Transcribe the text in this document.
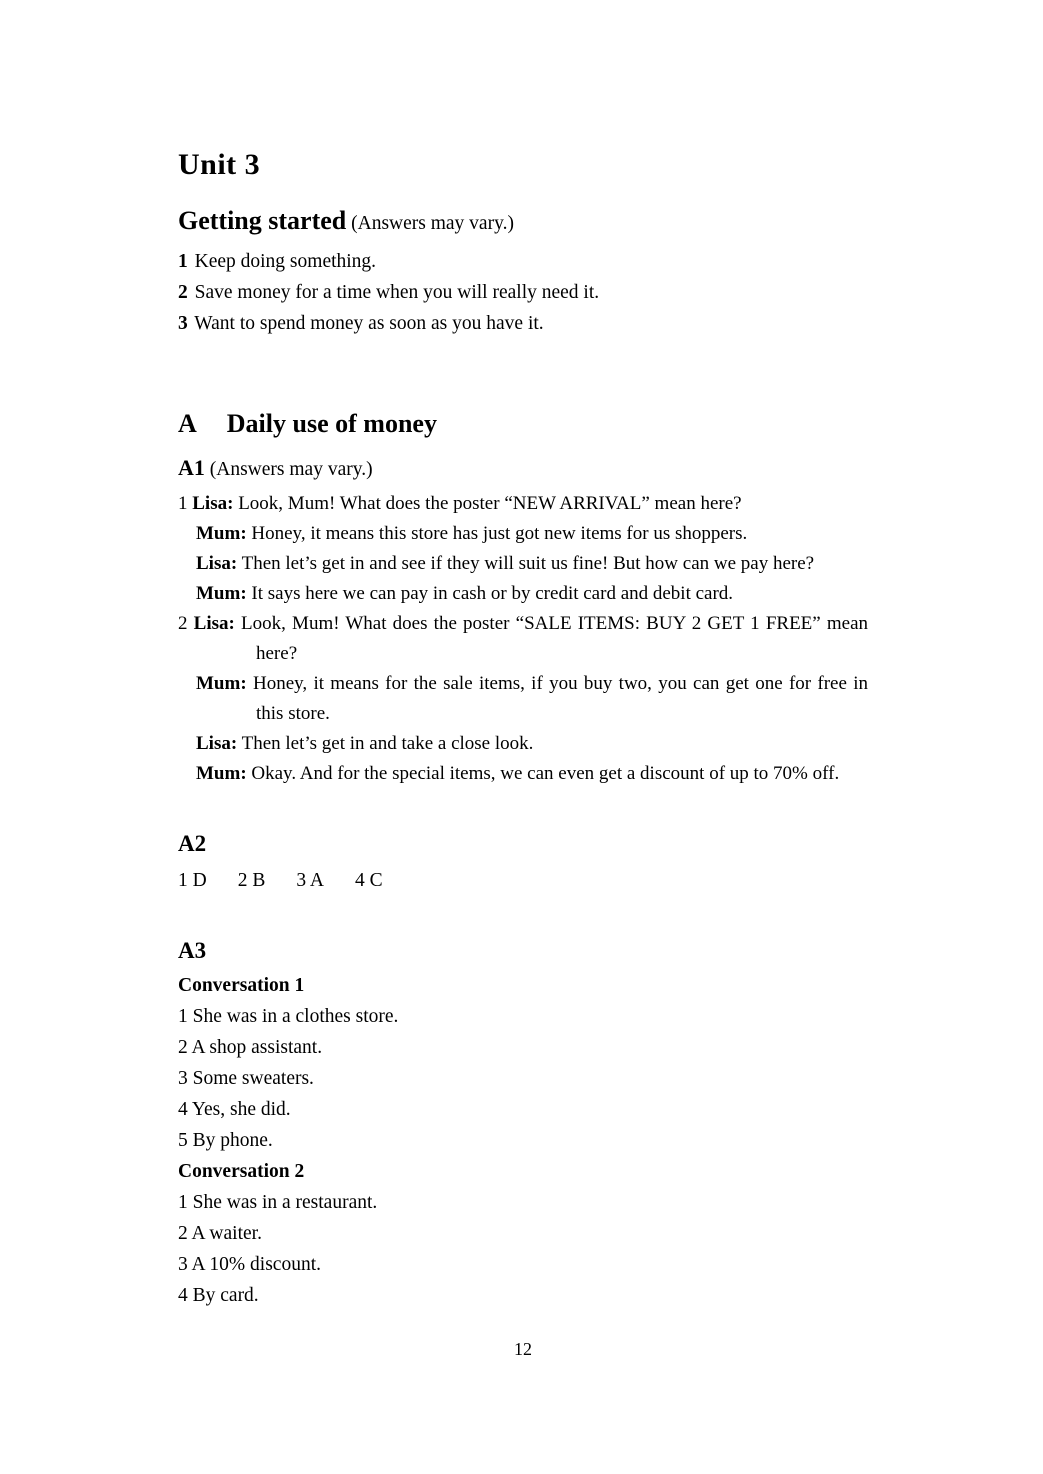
Unit 3
Getting started (Answers may vary.)

1 Keep doing something.

2 Save money for a time when you will really need it.

3 Want to spend money as soon as you have it.

A Daily use of money
A1 (Answers may vary.)

1 Lisa: Look, Mum! What does the poster “NEW ARRIVAL” mean here?

Mum: Honey, it means this store has just got new items for us shoppers.

Lisa: Then let’s get in and see if they will suit us fine! But how can we pay here?

Mum: It says here we can pay in cash or by credit card and debit card.

2 Lisa: Look, Mum! What does the poster “SALE ITEMS: BUY 2 GET 1 FREE” mean here?

Mum: Honey, it means for the sale items, if you buy two, you can get one for free in this store.

Lisa: Then let’s get in and take a close look.

Mum: Okay. And for the special items, we can even get a discount of up to 70% off.

A2

1 D 2 B 3 A 4 C

A3

Conversation 1

1 She was in a clothes store.

2 A shop assistant.

3 Some sweaters.

4 Yes, she did.

5 By phone.

Conversation 2

1 She was in a restaurant.

2 A waiter.

3 A 10% discount.

4 By card.

12
